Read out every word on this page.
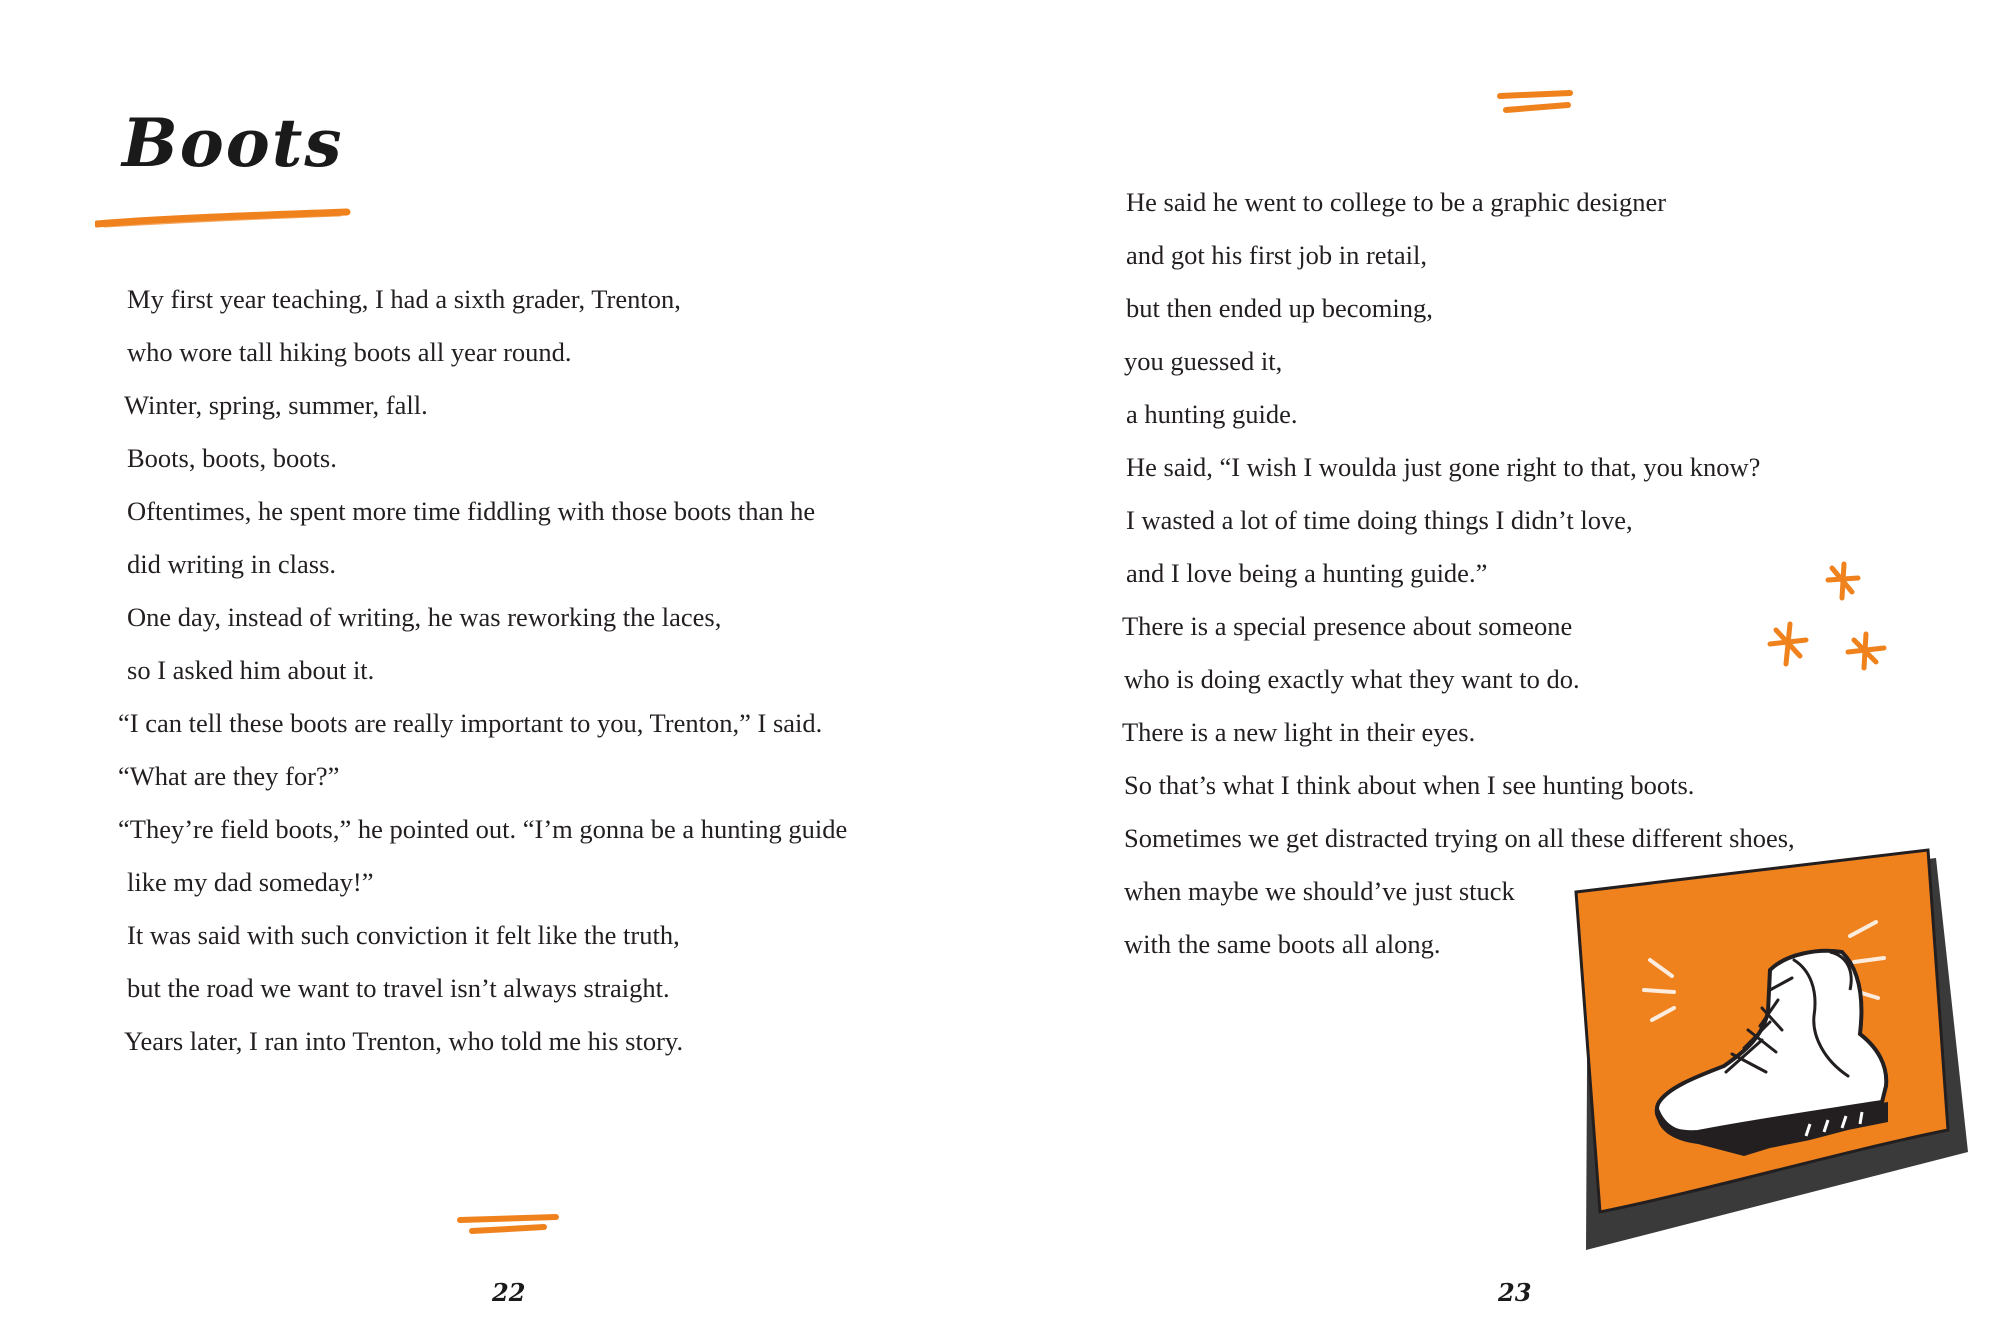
Boots

My first year teaching, I had a sixth grader, Trenton,

who wore tall hiking boots all year round.

Winter, spring, summer, fall.

Boots, boots, boots.

Oftentimes, he spent more time fiddling with those boots than he

did writing in class.

One day, instead of writing, he was reworking the laces,

so I asked him about it.

“I can tell these boots are really important to you, Trenton,” I said.

“What are they for?”

“They’re field boots,” he pointed out. “I’m gonna be a hunting guide

like my dad someday!”

It was said with such conviction it felt like the truth,

but the road we want to travel isn’t always straight.

Years later, I ran into Trenton, who told me his story.

22

He said he went to college to be a graphic designer

and got his first job in retail,

but then ended up becoming,

you guessed it,

a hunting guide.

He said, “I wish I woulda just gone right to that, you know?

I wasted a lot of time doing things I didn’t love,

and I love being a hunting guide.”

There is a special presence about someone

who is doing exactly what they want to do.

There is a new light in their eyes.

So that’s what I think about when I see hunting boots.

Sometimes we get distracted trying on all these different shoes,

when maybe we should’ve just stuck

with the same boots all along.

23
